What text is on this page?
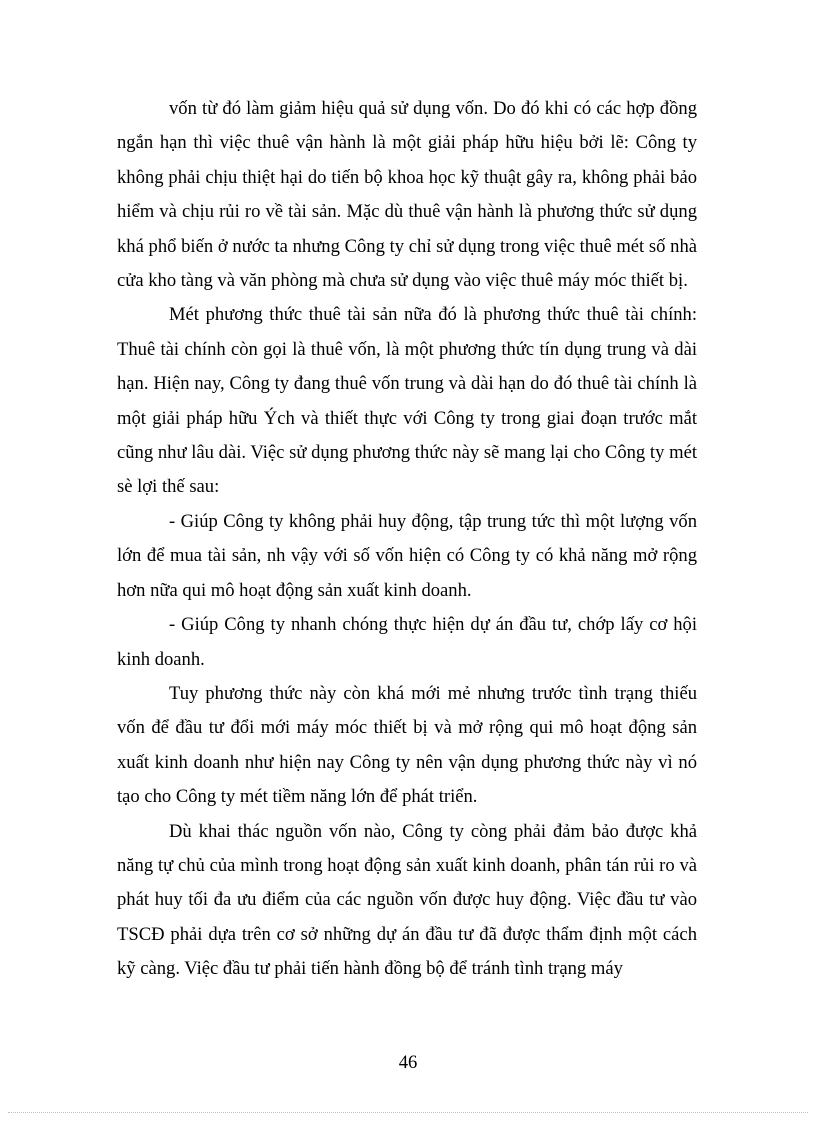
vốn từ đó làm giảm hiệu quả sử dụng vốn. Do đó khi có các hợp đồng ngắn hạn thì việc thuê vận hành là một giải pháp hữu hiệu bởi lẽ: Công ty không phải chịu thiệt hại do tiến bộ khoa học kỹ thuật gây ra, không phải bảo hiểm và chịu rủi ro về tài sản. Mặc dù thuê vận hành là phương thức sử dụng khá phổ biến ở nước ta nhưng Công ty chỉ sử dụng trong việc thuê mét số nhà cửa kho tàng và văn phòng mà chưa sử dụng vào việc thuê máy móc thiết bị.

Mét phương thức thuê tài sản nữa đó là phương thức thuê tài chính: Thuê tài chính còn gọi là thuê vốn, là một phương thức tín dụng trung và dài hạn. Hiện nay, Công ty đang thuê vốn trung và dài hạn do đó thuê tài chính là một giải pháp hữu Ých và thiết thực với Công ty trong giai đoạn trước mắt cũng như lâu dài. Việc sử dụng phương thức này sẽ mang lại cho Công ty mét sè lợi thế sau:

- Giúp Công ty không phải huy động, tập trung tức thì một lượng vốn lớn để mua tài sản, nh vậy với số vốn hiện có Công ty có khả năng mở rộng hơn nữa qui mô hoạt động sản xuất kinh doanh.

- Giúp Công ty nhanh chóng thực hiện dự án đầu tư, chớp lấy cơ hội kinh doanh.

Tuy phương thức này còn khá mới mẻ nhưng trước tình trạng thiếu vốn để đầu tư đổi mới máy móc thiết bị và mở rộng qui mô hoạt động sản xuất kinh doanh như hiện nay Công ty nên vận dụng phương thức này vì nó tạo cho Công ty mét tiềm năng lớn để phát triển.

Dù khai thác nguồn vốn nào, Công ty còng phải đảm bảo được khả năng tự chủ của mình trong hoạt động sản xuất kinh doanh, phân tán rủi ro và phát huy tối đa ưu điểm của các nguồn vốn được huy động. Việc đầu tư vào TSCĐ phải dựa trên cơ sở những dự án đầu tư đã được thẩm định một cách kỹ càng. Việc đầu tư phải tiến hành đồng bộ để tránh tình trạng máy

46
